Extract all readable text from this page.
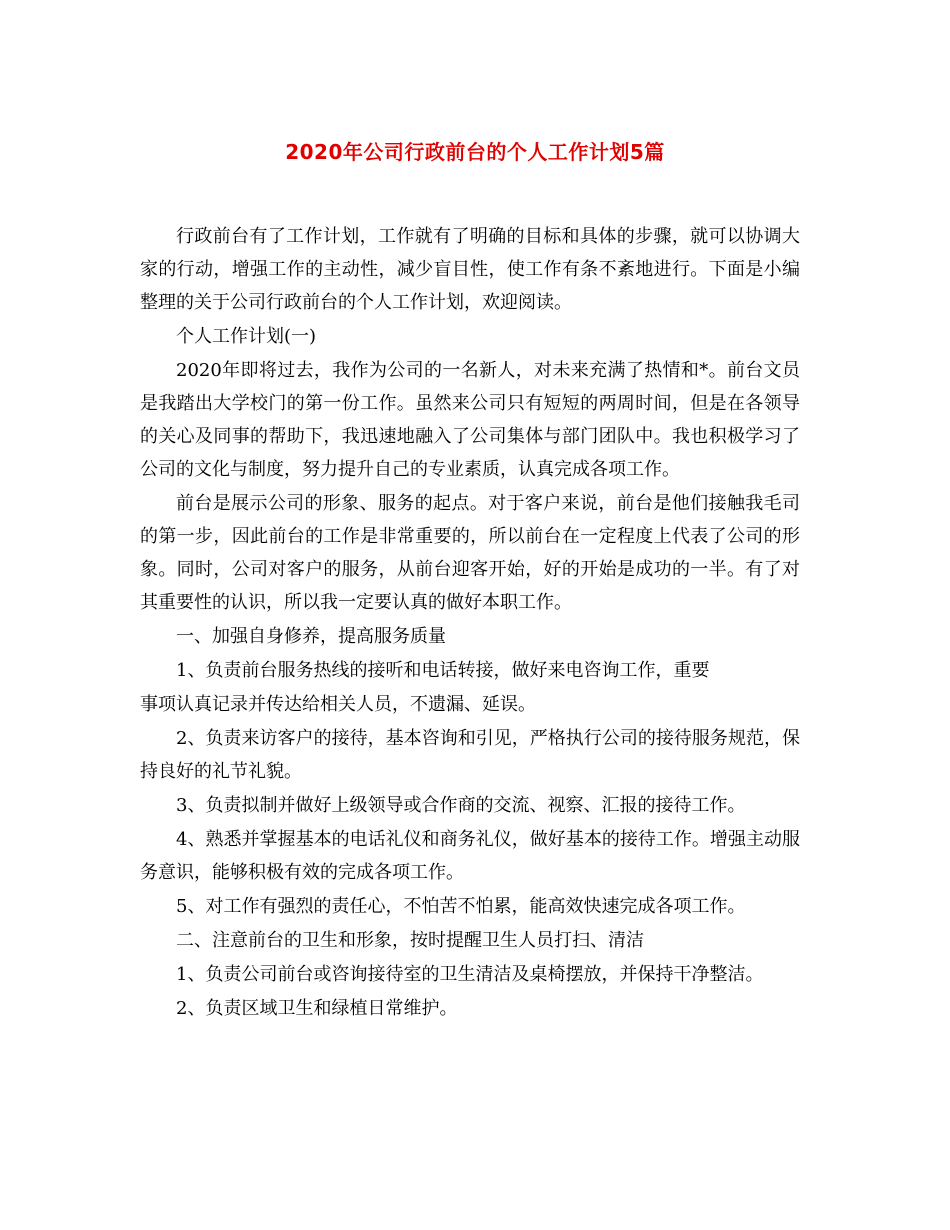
2020年公司行政前台的个人工作计划5篇

行政前台有了工作计划，工作就有了明确的目标和具体的步骤，就可以协调大家的行动，增强工作的主动性，减少盲目性，使工作有条不紊地进行。下面是小编整理的关于公司行政前台的个人工作计划，欢迎阅读。

个人工作计划(一)

2020年即将过去，我作为公司的一名新人，对未来充满了热情和*。前台文员是我踏出大学校门的第一份工作。虽然来公司只有短短的两周时间，但是在各领导的关心及同事的帮助下，我迅速地融入了公司集体与部门团队中。我也积极学习了公司的文化与制度，努力提升自己的专业素质，认真完成各项工作。

前台是展示公司的形象、服务的起点。对于客户来说，前台是他们接触我毛司的第一步，因此前台的工作是非常重要的，所以前台在一定程度上代表了公司的形象。同时，公司对客户的服务，从前台迎客开始，好的开始是成功的一半。有了对其重要性的认识，所以我一定要认真的做好本职工作。

一、加强自身修养，提高服务质量

1、负责前台服务热线的接听和电话转接，做好来电咨询工作，重要

事项认真记录并传达给相关人员，不遗漏、延误。

2、负责来访客户的接待，基本咨询和引见，严格执行公司的接待服务规范，保持良好的礼节礼貌。

3、负责拟制并做好上级领导或合作商的交流、视察、汇报的接待工作。

4、熟悉并掌握基本的电话礼仪和商务礼仪，做好基本的接待工作。增强主动服务意识，能够积极有效的完成各项工作。

5、对工作有强烈的责任心，不怕苦不怕累，能高效快速完成各项工作。

二、注意前台的卫生和形象，按时提醒卫生人员打扫、清洁

1、负责公司前台或咨询接待室的卫生清洁及桌椅摆放，并保持干净整洁。

2、负责区域卫生和绿植日常维护。
